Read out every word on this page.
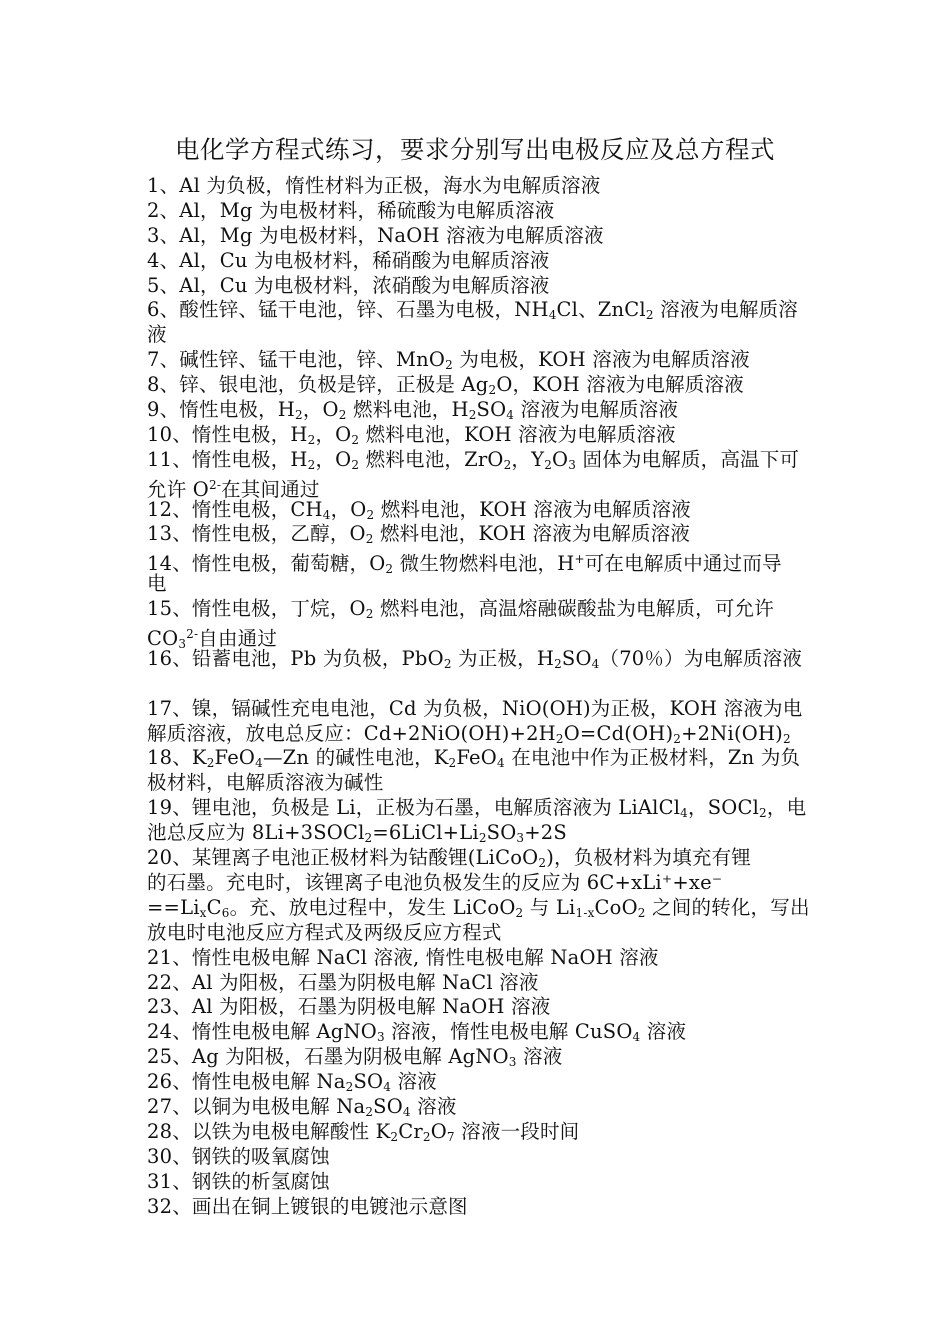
电化学方程式练习，要求分别写出电极反应及总方程式
1、Al 为负极，惰性材料为正极，海水为电解质溶液
2、Al，Mg 为电极材料，稀硫酸为电解质溶液
3、Al，Mg 为电极材料，NaOH 溶液为电解质溶液
4、Al，Cu 为电极材料，稀硝酸为电解质溶液
5、Al，Cu 为电极材料，浓硝酸为电解质溶液
6、酸性锌、锰干电池，锌、石墨为电极，$NH_4Cl$、ZnCl$_2$ 溶液为电解质溶
液
7、碱性锌、锰干电池，锌、MnO$_2$ 为电极，KOH 溶液为电解质溶液
8、锌、银电池，负极是锌，正极是 $Ag_2O$，KOH 溶液为电解质溶液
9、惰性电极，$H_2$，$O_2$ 燃料电池，$H_2SO_4$ 溶液为电解质溶液
10、惰性电极，$H_2$，$O_2$ 燃料电池，KOH 溶液为电解质溶液
11、惰性电极，$H_2$，$O_2$ 燃料电池，ZrO$_2$，$Y_2O_3$ 固体为电解质，高温下可
允许 $O^{2-}$在其间通过
12、惰性电极，$CH_4$，$O_2$ 燃料电池，KOH 溶液为电解质溶液
13、惰性电极，乙醇，$O_2$ 燃料电池，KOH 溶液为电解质溶液
14、惰性电极，葡萄糖，$O_2$ 微生物燃料电池，H+可在电解质中通过而导
电
15、惰性电极，丁烷，$O_2$ 燃料电池，高温熔融碳酸盐为电解质，可允许
$CO_3^{2-}$自由通过
16、铅蓄电池，Pb 为负极，PbO$_2$ 为正极，$H_2SO_4(70$％）为电解质溶液
17、镍，镉碱性充电电池，Cd 为负极，NiO(OH)为正极，KOH 溶液为电
解质溶液，放电总反应：$Cd+2NiO(OH)+2H_2O=Cd(OH)_2+2Ni(OH)_2$
18、$K_2FeO_4—Zn$ 的碱性电池，$K_2FeO_4$ 在电池中作为正极材料，Zn 为负
极材料，电解质溶液为碱性
19、锂电池，负极是 Li，正极为石墨，电解质溶液为 LiAlCl$_4$，SOCl$_2$，电
池总反应为 $8Li+3SOCl_2=6LiCl+Li_2SO_3+2S$
20、某锂离子电池正极材料为钴酸锂(LiCoO$_2$)，负极材料为填充有锂
的石墨。充电时，该锂离子电池负极发生的反应为 6C+xLi⁺+xe⁻
$==Li_xC_6$。充、放电过程中，发生 LiCoO$_2$ 与 $Li_{1-x}CoO_2$ 之间的转化，写出
放电时电池反应方程式及两级反应方程式
21、惰性电极电解 NaCl 溶液, 惰性电极电解 NaOH 溶液
22、Al 为阳极，石墨为阴极电解 NaCl 溶液
23、Al 为阳极，石墨为阴极电解 NaOH 溶液
24、惰性电极电解 AgNO$_3$ 溶液，惰性电极电解 CuSO$_4$ 溶液
25、Ag 为阳极，石墨为阴极电解 AgNO$_3$ 溶液
26、惰性电极电解 $Na_2SO_4$ 溶液
27、以铜为电极电解 $Na_2SO_4$ 溶液
28、以铁为电极电解酸性 $K_2Cr_2O_7$ 溶液一段时间
30、钢铁的吸氧腐蚀
31、钢铁的析氢腐蚀
32、画出在铜上镀银的电镀池示意图
